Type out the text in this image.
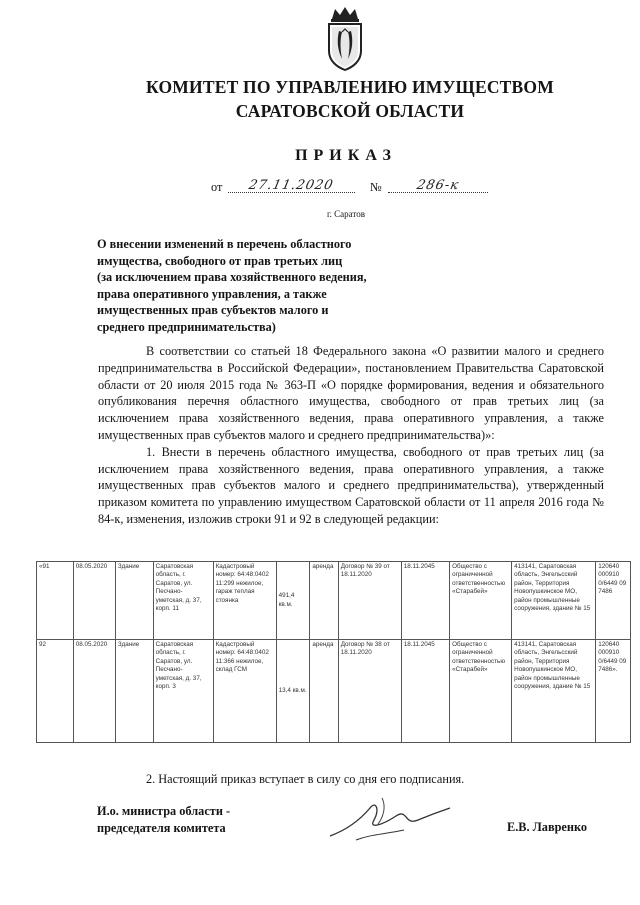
КОМИТЕТ ПО УПРАВЛЕНИЮ ИМУЩЕСТВОМ
САРАТОВСКОЙ ОБЛАСТИ
ПРИКАЗ
от	27.11.2020	№	286-к
г. Саратов
О внесении изменений в перечень областного
имущества, свободного от прав третьих лиц
(за исключением права хозяйственного ведения,
права оперативного управления, а также
имущественных прав субъектов малого и
среднего предпринимательства)

В соответствии со статьей 18 Федерального закона «О развитии малого и среднего предпринимательства в Российской Федерации», постановлением Правительства Саратовской области от 20 июля 2015 года № 363-П «О порядке формирования, ведения и обязательного опубликования перечня областного имущества, свободного от прав третьих лиц (за исключением права хозяйственного ведения, права оперативного управления, а также имущественных прав субъектов малого и среднего предпринимательства)»:

1. Внести в перечень областного имущества, свободного от прав третьих лиц (за исключением права хозяйственного ведения, права оперативного управления, а также имущественных прав субъектов малого и среднего предпринимательства), утвержденный приказом комитета по управлению имуществом Саратовской области от 11 апреля 2016 года № 84-к, изменения, изложив строки 91 и 92 в следующей редакции:

«91	08.05.2020	Здание	Саратовская область, г. Саратов, ул. Песчано-уметская, д. 37, корп. 11	Кадастровый номер: 64:48:0402 11:299 нежилое, гараж теплая стоянка	491,4 кв.м.	аренда	Договор № 39 от 18.11.2020	18.11.2045	Общество с ограниченной ответственностью «Старабей»	413141, Саратовская область, Энгельсский район, Территория Новопушкинское МО, район промышленные сооружения, здание № 15	120640 000910 0/6449 09 7486
92	08.05.2020	Здание	Саратовская область, г. Саратов, ул. Песчано-уметская, д. 37, корп. 3	Кадастровый номер: 64:48:0402 11:366 нежилое, склад ГСМ	13,4 кв.м.	аренда	Договор № 38 от 18.11.2020	18.11.2045	Общество с ограниченной ответственностью «Старабей»	413141, Саратовская область, Энгельсский район, Территория Новопушкинское МО, район промышленные сооружения, здание № 15	120640 000910 0/6449 09 7486».
2. Настоящий приказ вступает в силу со дня его подписания.
И.о. министра области -
председателя комитета	Е.В. Лавренко
